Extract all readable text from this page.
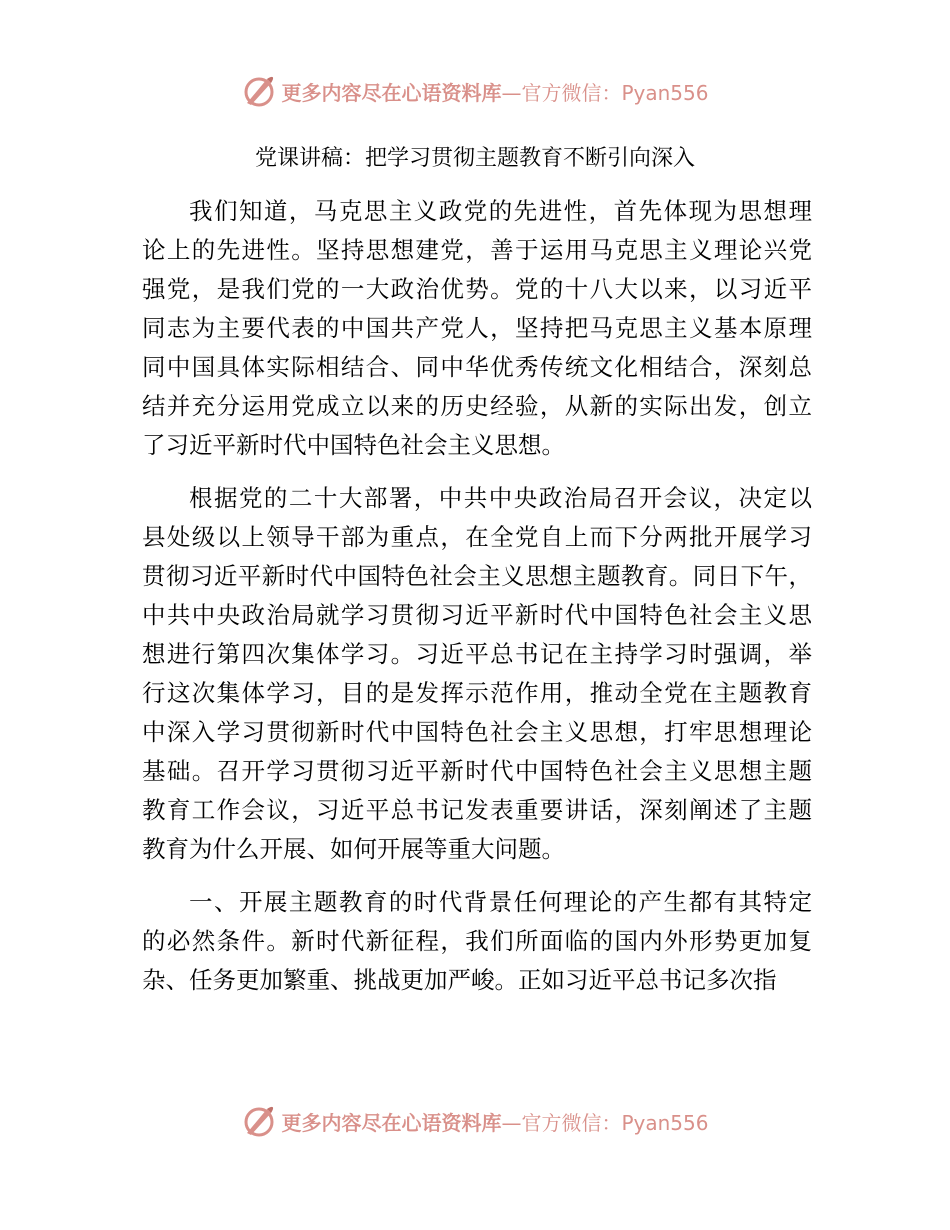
更多内容尽在心语资料库—官方微信：Pyan556
党课讲稿：把学习贯彻主题教育不断引向深入
我们知道，马克思主义政党的先进性，首先体现为思想理
论上的先进性。坚持思想建党，善于运用马克思主义理论兴党
强党，是我们党的一大政治优势。党的十八大以来，以习近平
同志为主要代表的中国共产党人，坚持把马克思主义基本原理
同中国具体实际相结合、同中华优秀传统文化相结合，深刻总
结并充分运用党成立以来的历史经验，从新的实际出发，创立
了习近平新时代中国特色社会主义思想。
根据党的二十大部署，中共中央政治局召开会议，决定以
县处级以上领导干部为重点，在全党自上而下分两批开展学习
贯彻习近平新时代中国特色社会主义思想主题教育。同日下午，
中共中央政治局就学习贯彻习近平新时代中国特色社会主义思
想进行第四次集体学习。习近平总书记在主持学习时强调，举
行这次集体学习，目的是发挥示范作用，推动全党在主题教育
中深入学习贯彻新时代中国特色社会主义思想，打牢思想理论
基础。召开学习贯彻习近平新时代中国特色社会主义思想主题
教育工作会议，习近平总书记发表重要讲话，深刻阐述了主题
教育为什么开展、如何开展等重大问题。
一、开展主题教育的时代背景任何理论的产生都有其特定
的必然条件。新时代新征程，我们所面临的国内外形势更加复
杂、任务更加繁重、挑战更加严峻。正如习近平总书记多次指
更多内容尽在心语资料库—官方微信：Pyan556
